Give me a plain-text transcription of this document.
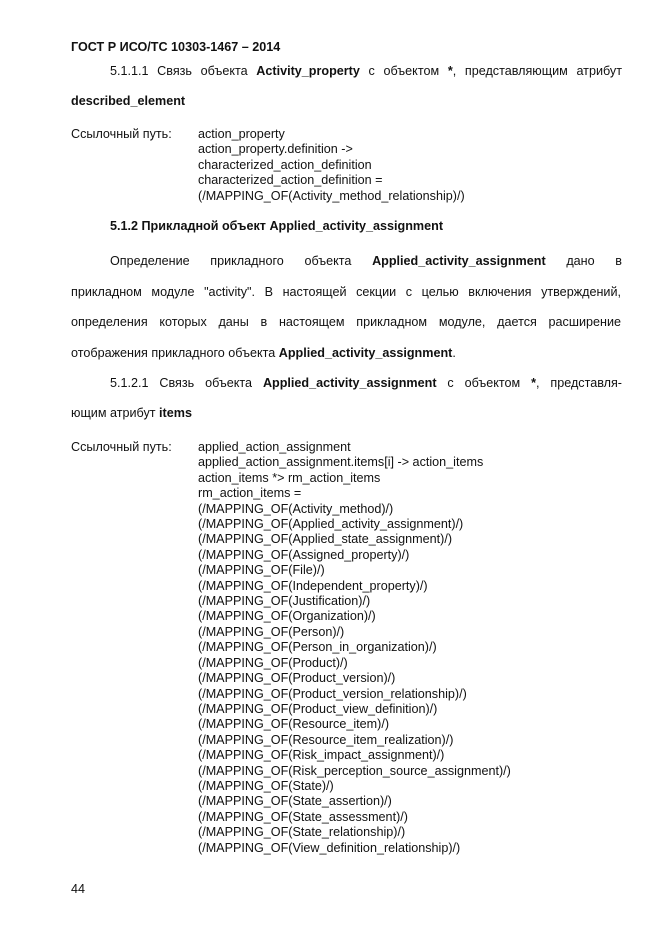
ГОСТ Р ИСО/ТС 10303-1467 – 2014
5.1.1.1 Связь объекта Activity_property с объектом *, представляющим атрибут
described_element
Ссылочный путь: action_property
action_property.definition ->
characterized_action_definition
characterized_action_definition =
(/MAPPING_OF(Activity_method_relationship)/)
5.1.2 Прикладной объект Applied_activity_assignment
Определение прикладного объекта Applied_activity_assignment дано в
прикладном модуле "activity". В настоящей секции с целью включения утверждений,
определения которых даны в настоящем прикладном модуле, дается расширение
отображения прикладного объекта Applied_activity_assignment.
5.1.2.1 Связь объекта Applied_activity_assignment с объектом *, представля-
ющим атрибут items
Ссылочный путь: applied_action_assignment
applied_action_assignment.items[i] -> action_items
action_items *> rm_action_items
rm_action_items =
(/MAPPING_OF(Activity_method)/)
(/MAPPING_OF(Applied_activity_assignment)/)
(/MAPPING_OF(Applied_state_assignment)/)
(/MAPPING_OF(Assigned_property)/)
(/MAPPING_OF(File)/)
(/MAPPING_OF(Independent_property)/)
(/MAPPING_OF(Justification)/)
(/MAPPING_OF(Organization)/)
(/MAPPING_OF(Person)/)
(/MAPPING_OF(Person_in_organization)/)
(/MAPPING_OF(Product)/)
(/MAPPING_OF(Product_version)/)
(/MAPPING_OF(Product_version_relationship)/)
(/MAPPING_OF(Product_view_definition)/)
(/MAPPING_OF(Resource_item)/)
(/MAPPING_OF(Resource_item_realization)/)
(/MAPPING_OF(Risk_impact_assignment)/)
(/MAPPING_OF(Risk_perception_source_assignment)/)
(/MAPPING_OF(State)/)
(/MAPPING_OF(State_assertion)/)
(/MAPPING_OF(State_assessment)/)
(/MAPPING_OF(State_relationship)/)
(/MAPPING_OF(View_definition_relationship)/)
44
